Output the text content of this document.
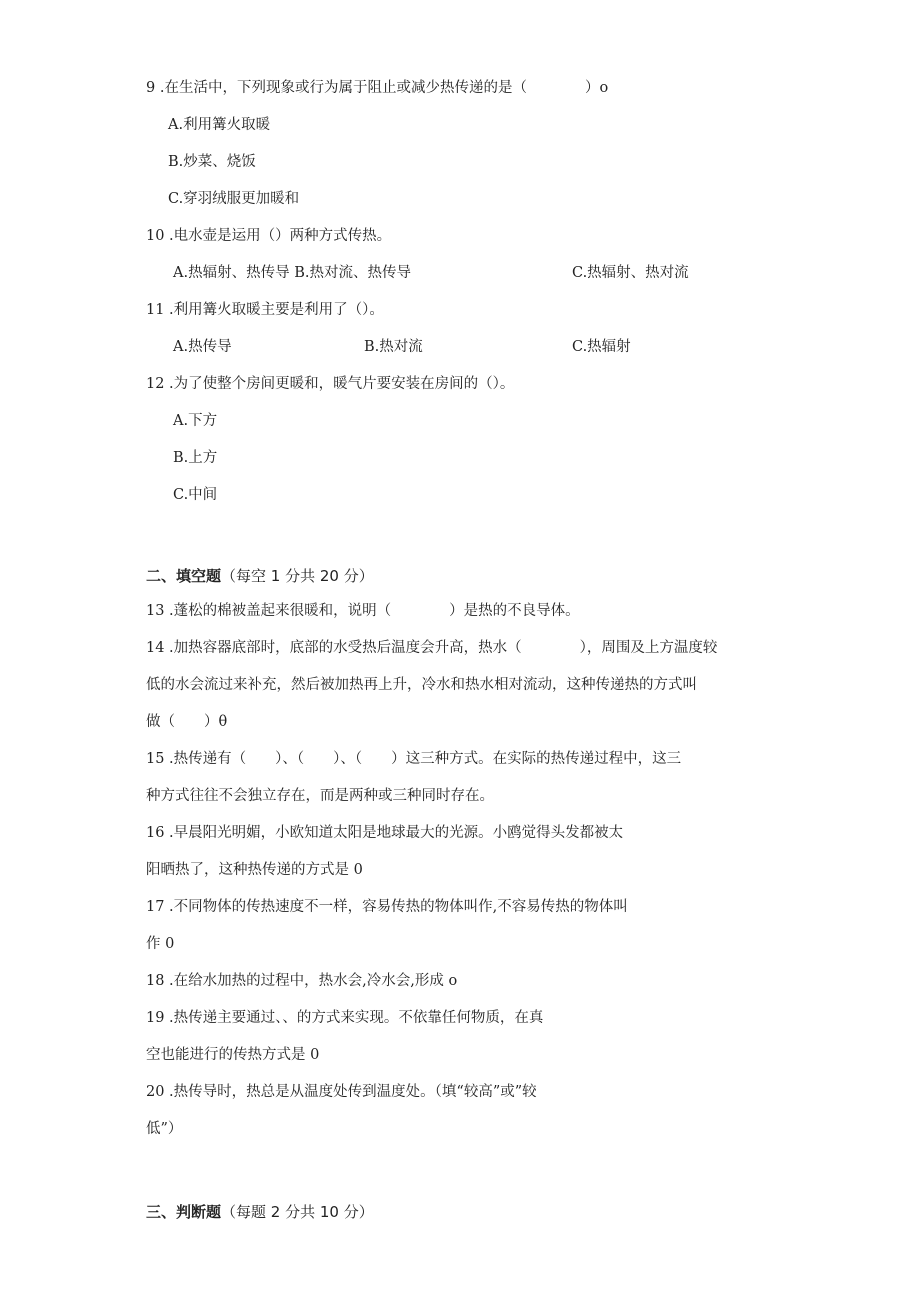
9 .在生活中，下列现象或行为属于阻止或减少热传递的是（　　　　）o
A.利用篝火取暖
B.炒菜、烧饭
C.穿羽绒服更加暖和
10 .电水壶是运用（）两种方式传热。
A.热辐射、热传导 B.热对流、热传导	C.热辐射、热对流
11 .利用篝火取暖主要是利用了（）。
A.热传导	B.热对流	C.热辐射
12 .为了使整个房间更暖和，暖气片要安装在房间的（）。
A.下方
B.上方
C.中间
13 .蓬松的棉被盖起来很暖和，说明（　　　　）是热的不良导体。
14 .加热容器底部时，底部的水受热后温度会升高，热水（　　　　），周围及上方温度较
低的水会流过来补充，然后被加热再上升，冷水和热水相对流动，这种传递热的方式叫
做（　　）θ
15 .热传递有（　　）、（　　）、（　　）这三种方式。在实际的热传递过程中，这三
种方式往往不会独立存在，而是两种或三种同时存在。
16 .早晨阳光明媚，小欧知道太阳是地球最大的光源。小鸥觉得头发都被太
阳晒热了，这种热传递的方式是 0
17 .不同物体的传热速度不一样，容易传热的物体叫作,不容易传热的物体叫
作 0
18 .在给水加热的过程中，热水会,冷水会,形成 o
19 .热传递主要通过、、的方式来实现。不依靠任何物质，在真
空也能进行的传热方式是 0
20 .热传导时，热总是从温度处传到温度处。（填“较高”或”较
低”）
二、填空题（每空 1 分共 20 分）
三、判断题（每题 2 分共 10 分）
